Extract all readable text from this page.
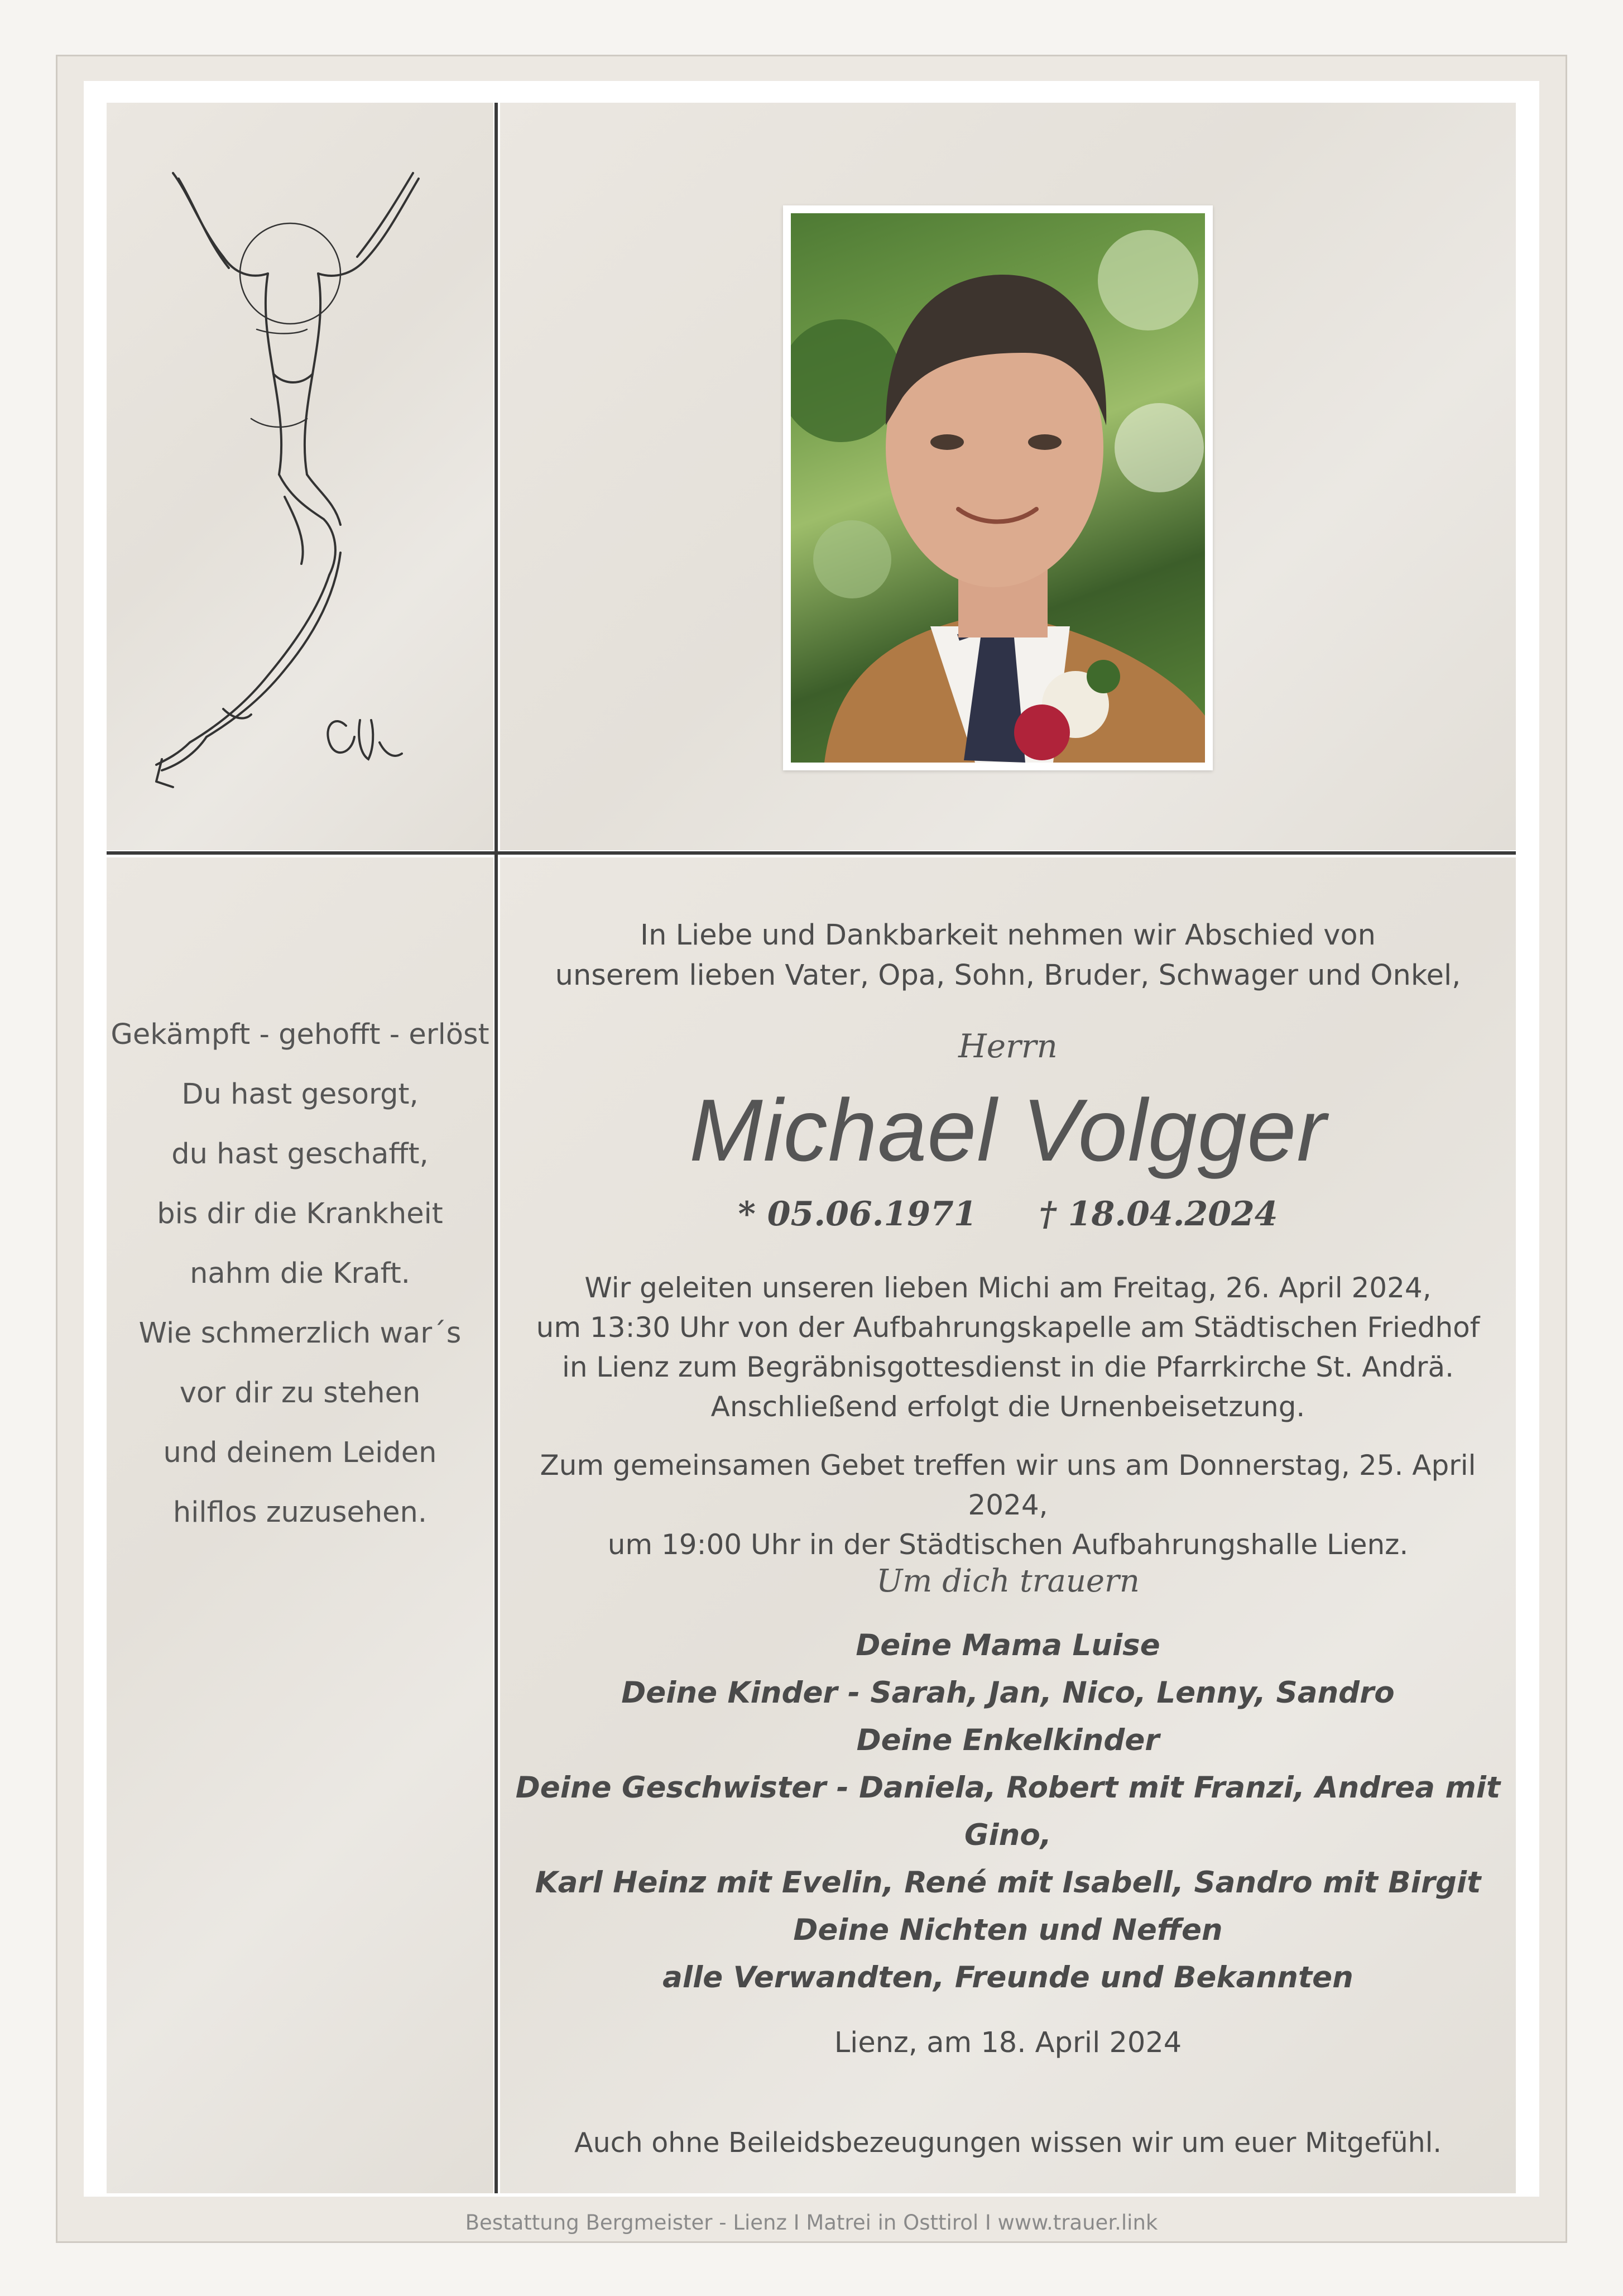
Gekämpft - gehofft - erlöst
Du hast gesorgt,
du hast geschafft,
bis dir die Krankheit
nahm die Kraft.
Wie schmerzlich war´s
vor dir zu stehen
und deinem Leiden
hilflos zuzusehen.
In Liebe und Dankbarkeit nehmen wir Abschied von
unserem lieben Vater, Opa, Sohn, Bruder, Schwager und Onkel,
Herrn
Michael Volgger
* 05.06.1971 † 18.04.2024
Wir geleiten unseren lieben Michi am Freitag, 26. April 2024,
um 13:30 Uhr von der Aufbahrungskapelle am Städtischen Friedhof
in Lienz zum Begräbnisgottesdienst in die Pfarrkirche St. Andrä.
Anschließend erfolgt die Urnenbeisetzung.
Zum gemeinsamen Gebet treffen wir uns am Donnerstag, 25. April 2024,
um 19:00 Uhr in der Städtischen Aufbahrungshalle Lienz.
Um dich trauern
Deine Mama Luise
Deine Kinder - Sarah, Jan, Nico, Lenny, Sandro
Deine Enkelkinder
Deine Geschwister - Daniela, Robert mit Franzi, Andrea mit Gino,
Karl Heinz mit Evelin, René mit Isabell, Sandro mit Birgit
Deine Nichten und Neffen
alle Verwandten, Freunde und Bekannten
Lienz, am 18. April 2024
Auch ohne Beileidsbezeugungen wissen wir um euer Mitgefühl.
Bestattung Bergmeister - Lienz I Matrei in Osttirol I www.trauer.link
